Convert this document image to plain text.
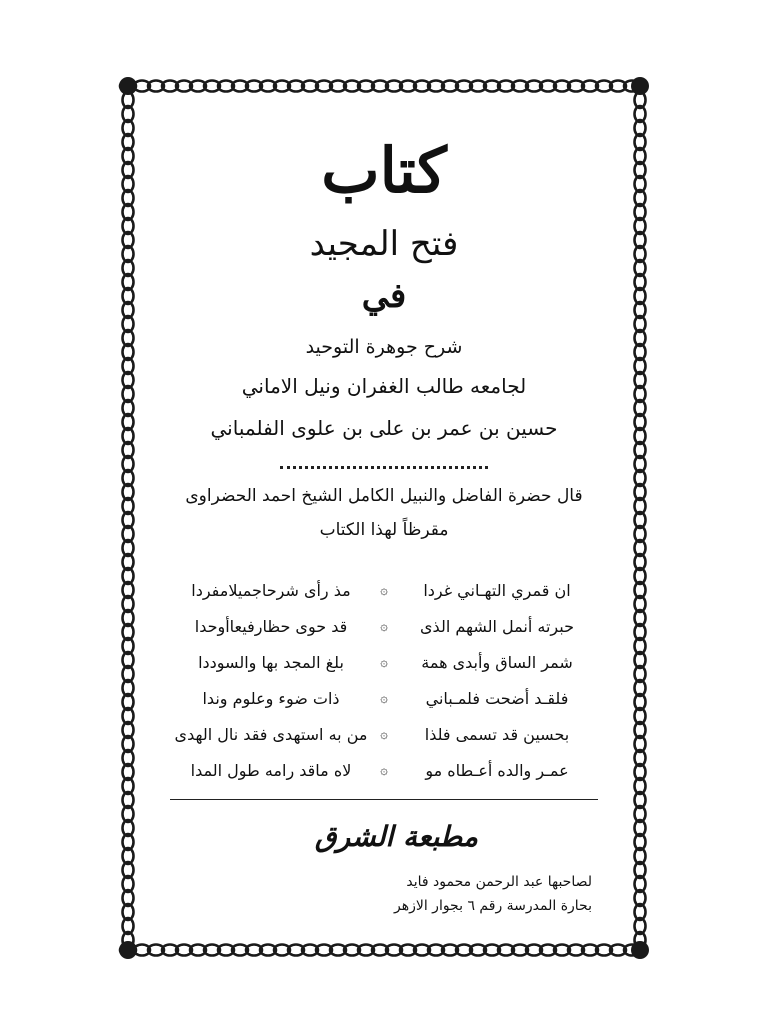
كتاب
فتح المجيد
في
شرح جوهرة التوحيد
لجامعه طالب الغفران ونيل الاماني
حسين بن عمر بن على بن علوى الفلمباني
قال حضرة الفاضل والنبيل الكامل الشيخ احمد الحضراوى
مقرظاً لهذا الكتاب
ان قمري التهـاني غردا
۞
مذ رأى شرحاجميلامفردا
حبرته أنمل الشهم الذى
۞
قد حوى حظارفيعاأوحدا
شمر الساق وأبدى همة
۞
بلغ المجد بها والسوددا
فلقـد أضحت فلمـباني
۞
ذات ضوء وعلوم وندا
بحسين قد تسمى فلذا
۞
من به استهدى فقد نال الهدى
عمـر والده أعـطاه مو
۞
لاه ماقد رامه طول المدا
مطبعة الشرق
لصاحبها عبد الرحمن محمود فايد
بحارة المدرسة رقم ٦ بجوار الازهر
